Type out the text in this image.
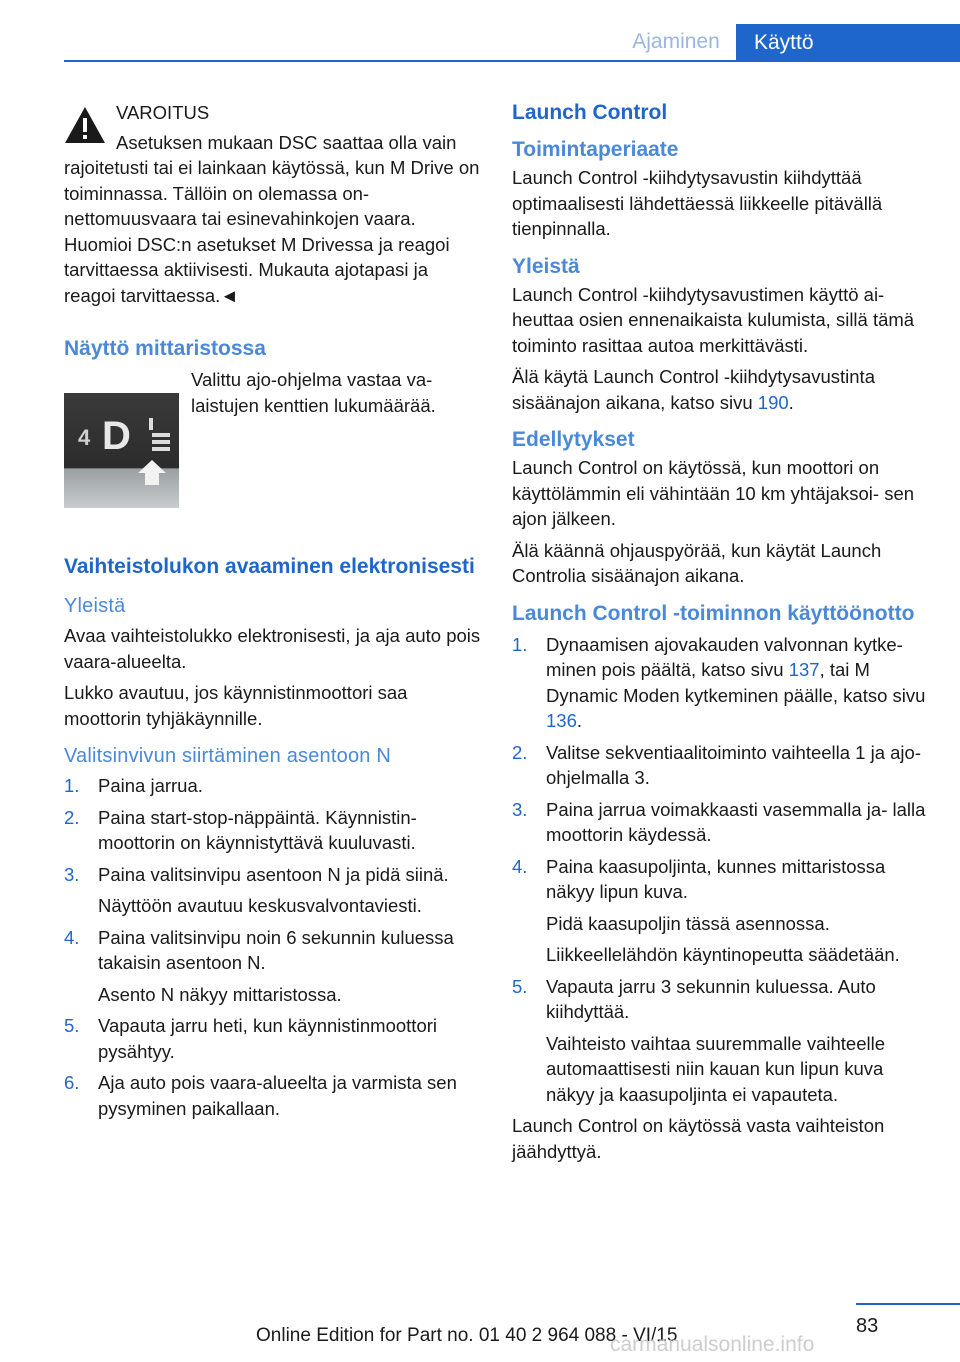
Ajaminen	Käyttö

VAROITUS

Asetuksen mukaan DSC saattaa olla vain rajoitetusti tai ei lainkaan käytössä, kun M Drive on toiminnassa. Tällöin on olemassa on- nettomuusvaara tai esinevahinkojen vaara. Huomioi DSC:n asetukset M Drivessa ja reagoi tarvittaessa aktiivisesti. Mukauta ajotapasi ja reagoi tarvittaessa.◄

Näyttö mittaristossa
4 D
Valittu ajo-ohjelma vastaa va- laistujen kenttien lukumäärää.
Vaihteistolukon avaaminen elektronisesti
Yleistä

Avaa vaihteistolukko elektronisesti, ja aja auto pois vaara-alueelta.

Lukko avautuu, jos käynnistinmoottori saa moottorin tyhjäkäynnille.

Valitsinvivun siirtäminen asentoon N
1. Paina jarrua.
2. Paina start-stop-näppäintä. Käynnistin- moottorin on käynnistyttävä kuuluvasti.
3. Paina valitsinvipu asentoon N ja pidä siinä.
Näyttöön avautuu keskusvalvontaviesti.
4. Paina valitsinvipu noin 6 sekunnin kuluessa takaisin asentoon N.
Asento N näkyy mittaristossa.
5. Vapauta jarru heti, kun käynnistinmoottori pysähtyy.
6. Aja auto pois vaara-alueelta ja varmista sen pysyminen paikallaan.
Launch Control
Toimintaperiaate

Launch Control -kiihdytysavustin kiihdyttää optimaalisesti lähdettäessä liikkeelle pitävällä tienpinnalla.

Yleistä

Launch Control -kiihdytysavustimen käyttö ai- heuttaa osien ennenaikaista kulumista, sillä tämä toiminto rasittaa autoa merkittävästi.

Älä käytä Launch Control -kiihdytysavustinta sisäänajon aikana, katso sivu 190.

Edellytykset

Launch Control on käytössä, kun moottori on käyttölämmin eli vähintään 10 km yhtäjaksoi- sen ajon jälkeen.

Älä käännä ohjauspyörää, kun käytät Launch Controlia sisäänajon aikana.

Launch Control -toiminnon käyttöönotto
1. Dynaamisen ajovakauden valvonnan kytke- minen pois päältä, katso sivu 137, tai M Dynamic Moden kytkeminen päälle, katso sivu 136.
2. Valitse sekventiaalitoiminto vaihteella 1 ja ajo-ohjelmalla 3.
3. Paina jarrua voimakkaasti vasemmalla ja- lalla moottorin käydessä.
4. Paina kaasupoljinta, kunnes mittaristossa näkyy lipun kuva.
Pidä kaasupoljin tässä asennossa.
Liikkeellelähdön käyntinopeutta säädetään.
5. Vapauta jarru 3 sekunnin kuluessa. Auto kiihdyttää.
Vaihteisto vaihtaa suuremmalle vaihteelle automaattisesti niin kauan kun lipun kuva näkyy ja kaasupoljinta ei vapauteta.

Launch Control on käytössä vasta vaihteiston jäähdyttyä.

83
Online Edition for Part no. 01 40 2 964 088 - VI/15
carmanualsonline.info
